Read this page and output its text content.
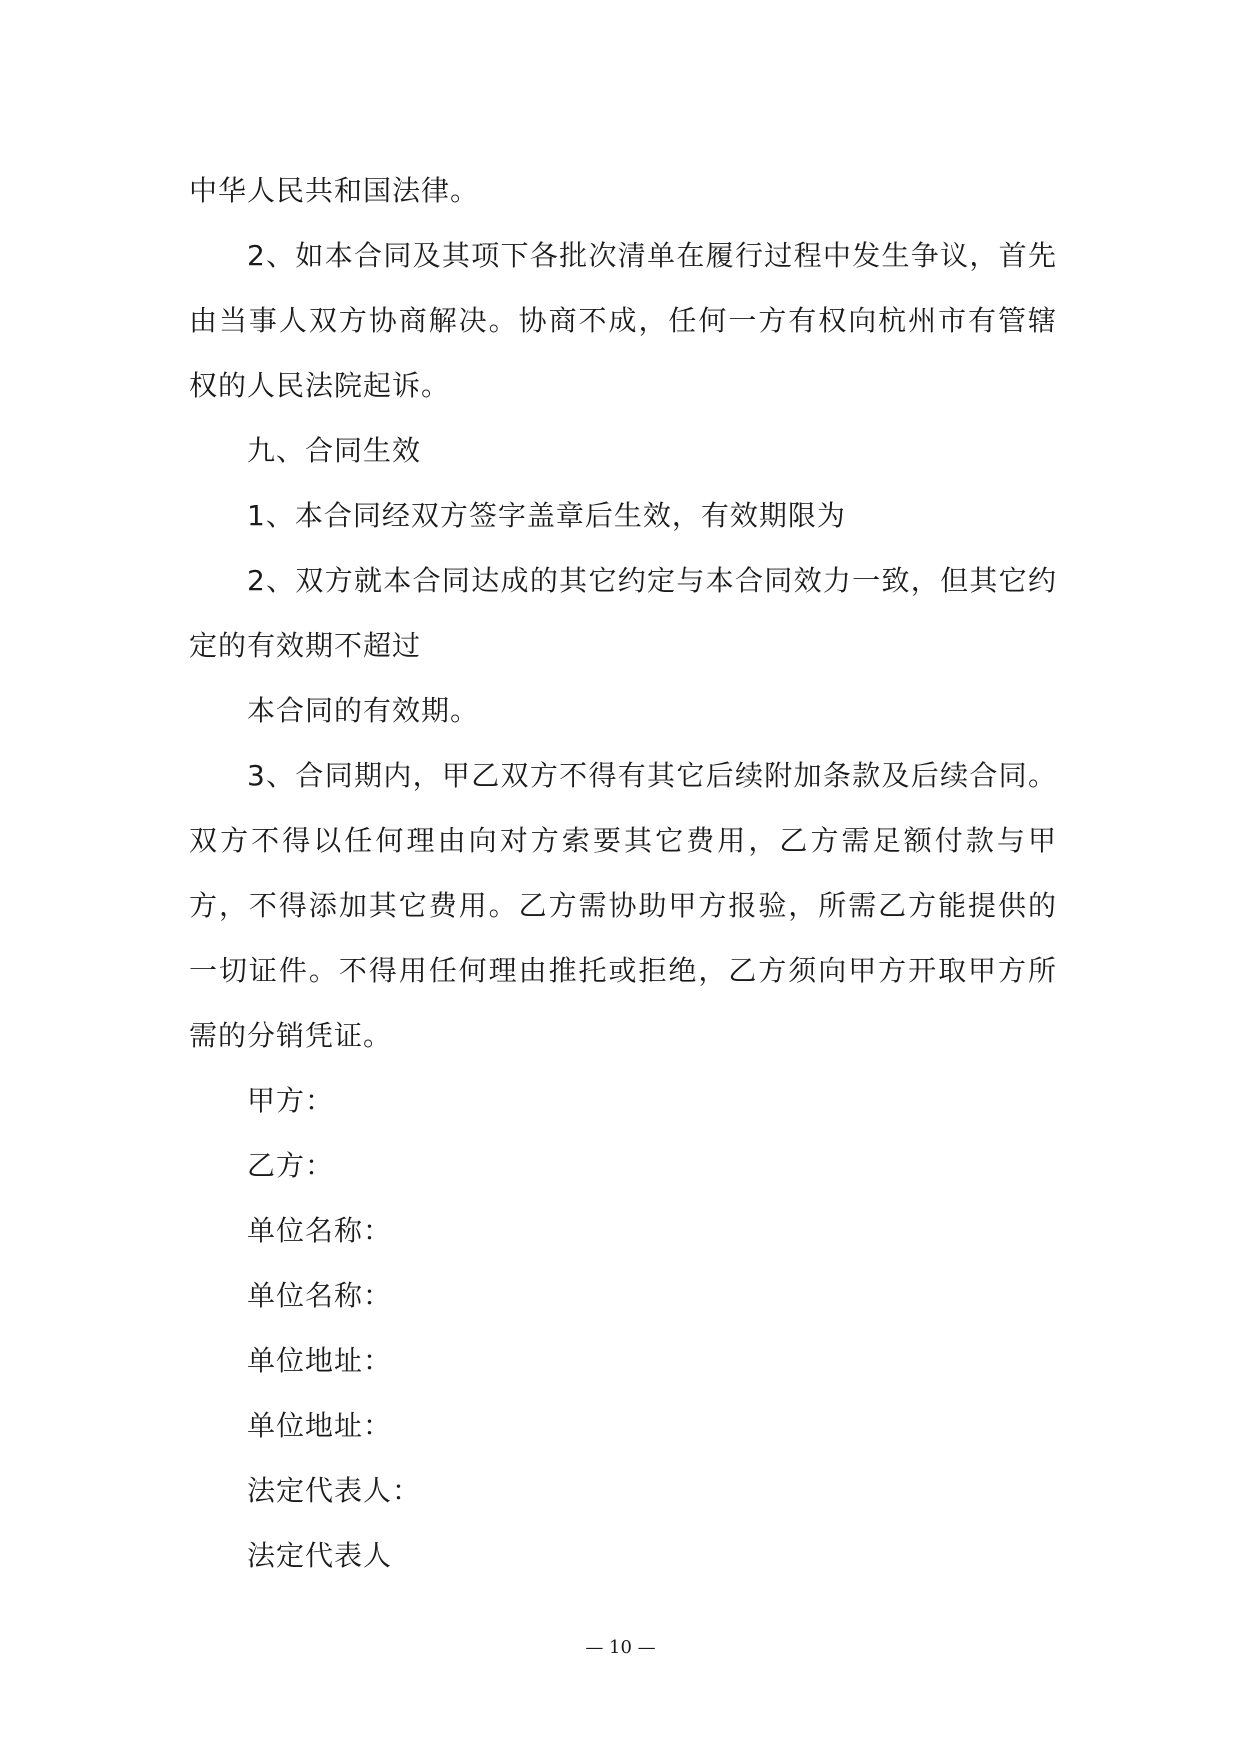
中华人民共和国法律。

2、如本合同及其项下各批次清单在履行过程中发生争议，首先由当事人双方协商解决。协商不成，任何一方有权向杭州市有管辖权的人民法院起诉。

九、合同生效

1、本合同经双方签字盖章后生效，有效期限为

2、双方就本合同达成的其它约定与本合同效力一致，但其它约定的有效期不超过

本合同的有效期。

3、合同期内，甲乙双方不得有其它后续附加条款及后续合同。双方不得以任何理由向对方索要其它费用，乙方需足额付款与甲方，不得添加其它费用。乙方需协助甲方报验，所需乙方能提供的一切证件。不得用任何理由推托或拒绝，乙方须向甲方开取甲方所需的分销凭证。

甲方：

乙方：

单位名称：

单位名称：

单位地址：

单位地址：

法定代表人：

法定代表人

— 10 —
